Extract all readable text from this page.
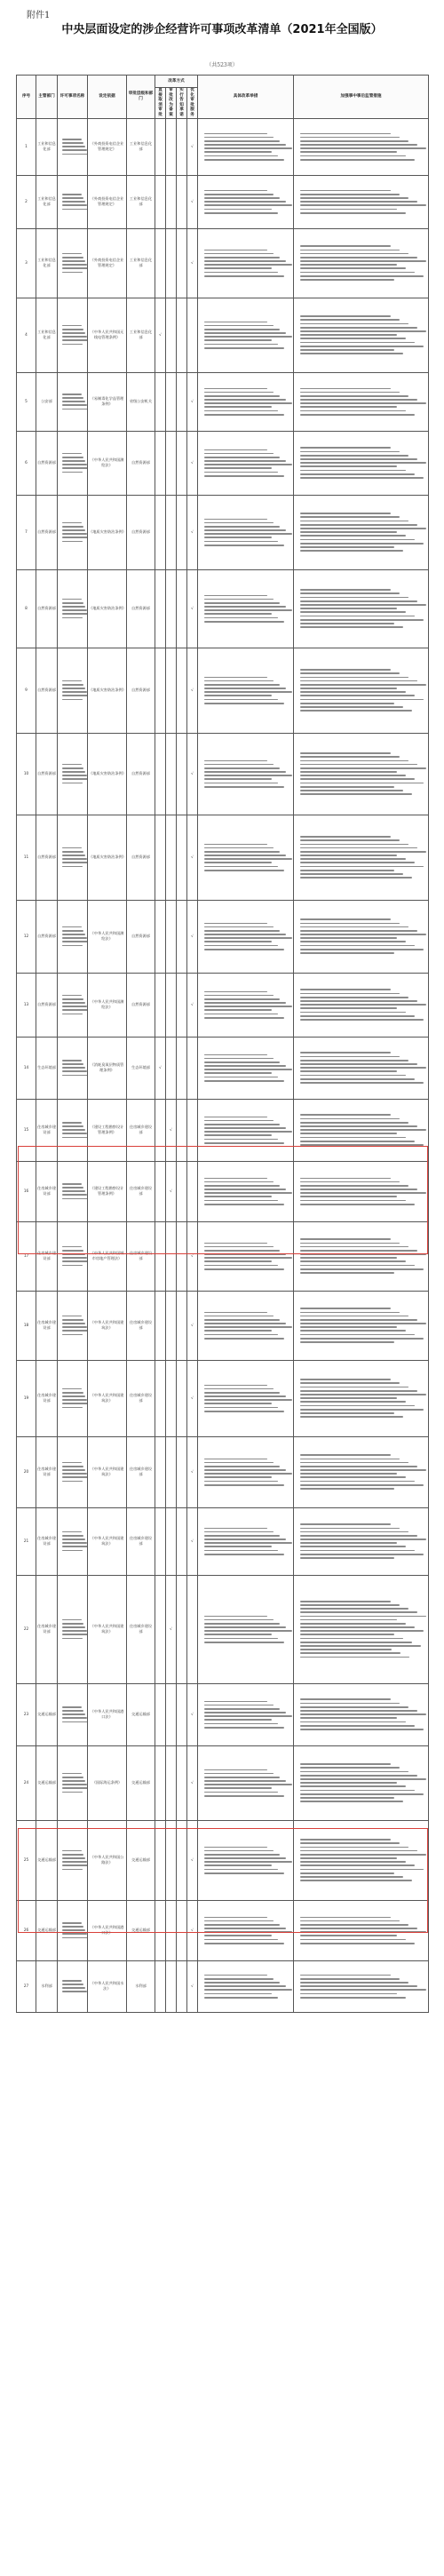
附件1
中央层面设定的涉企经营许可事项改革清单（2021年全国版）
（共523项）
序号	主管部门	许可事项名称	设定依据	审批层级和部门	改革方式				具体改革举措	加强事中事后监管措施
					直接取消审批	审批改为备案	实行告知承诺	优化审批服务		
1	工业和信息化部		《外商投资电信企业管理规定》	工业和信息化部				√	

2	工业和信息化部		《外商投资电信企业管理规定》	工业和信息化部				√	

3	工业和信息化部		《外商投资电信企业管理规定》	工业和信息化部				√	

4	工业和信息化部		《中华人民共和国无线电管理条例》	工业和信息化部	√				

5	公安部		《易制毒化学品管理条例》	省级公安机关				√	

6	自然资源部		《中华人民共和国测绘法》	自然资源部				√	

7	自然资源部		《地质灾害防治条例》	自然资源部				√	

8	自然资源部		《地质灾害防治条例》	自然资源部				√	

9	自然资源部		《地质灾害防治条例》	自然资源部				√	

10	自然资源部		《地质灾害防治条例》	自然资源部				√	

11	自然资源部		《地质灾害防治条例》	自然资源部				√	

12	自然资源部		《中华人民共和国测绘法》	自然资源部				√	

13	自然资源部		《中华人民共和国测绘法》	自然资源部				√	

14	生态环境部		《消耗臭氧层物质管理条例》	生态环境部	√				

15	住房城乡建设部		《建设工程勘察设计管理条例》	住房城乡建设部		√			

16	住房城乡建设部		《建设工程勘察设计管理条例》	住房城乡建设部		√			

17	住房城乡建设部		《中华人民共和国城市房地产管理法》	住房城乡建设部				√	

18	住房城乡建设部		《中华人民共和国建筑法》	住房城乡建设部				√	

19	住房城乡建设部		《中华人民共和国建筑法》	住房城乡建设部				√	

20	住房城乡建设部		《中华人民共和国建筑法》	住房城乡建设部				√	

21	住房城乡建设部		《中华人民共和国建筑法》	住房城乡建设部				√	

22	住房城乡建设部		《中华人民共和国建筑法》	住房城乡建设部		√			

23	交通运输部		《中华人民共和国港口法》	交通运输部				√	

24	交通运输部		《国际海运条例》	交通运输部				√	

25	交通运输部		《中华人民共和国公路法》	交通运输部				√	

26	交通运输部		《中华人民共和国港口法》	交通运输部				√	

27	水利部		《中华人民共和国水法》	水利部				√	
